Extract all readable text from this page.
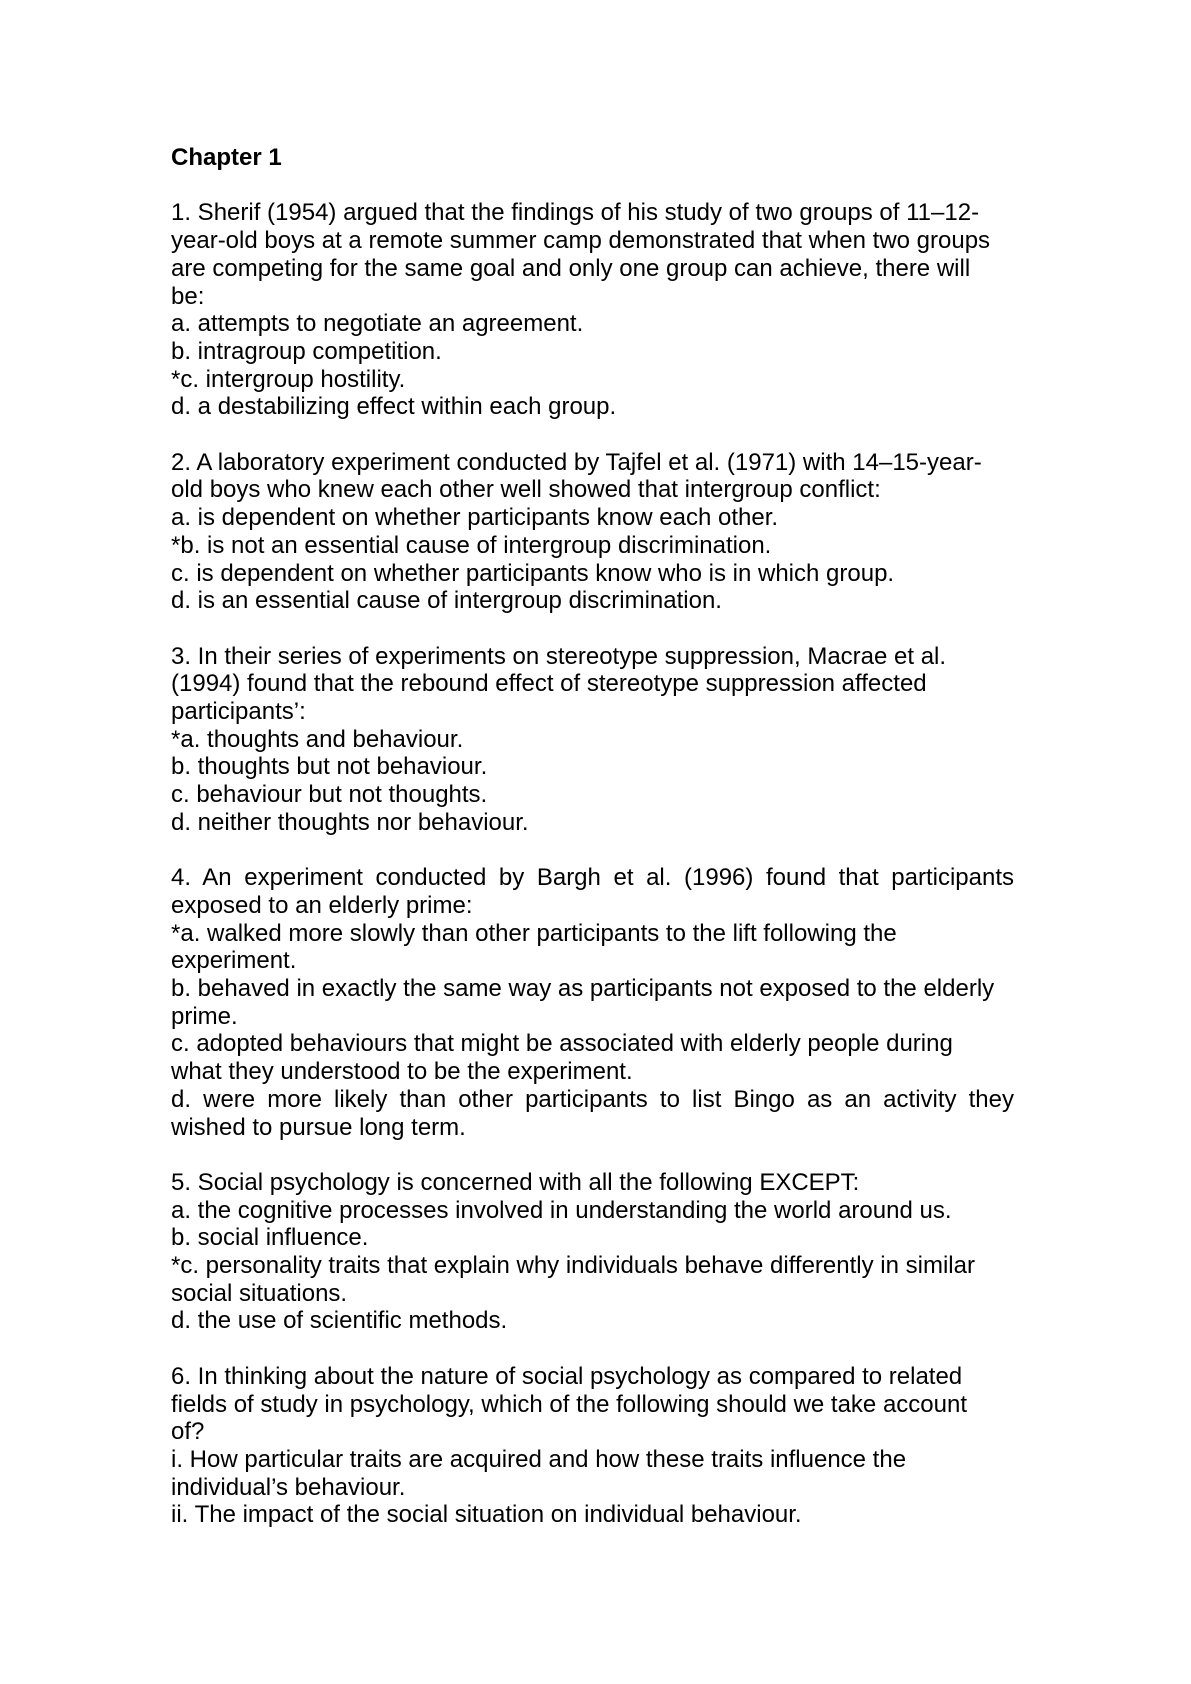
Chapter 1
1. Sherif (1954) argued that the findings of his study of two groups of 11–12-
year-old boys at a remote summer camp demonstrated that when two groups
are competing for the same goal and only one group can achieve, there will
be:
a. attempts to negotiate an agreement.
b. intragroup competition.
*c. intergroup hostility.
d. a destabilizing effect within each group.
2. A laboratory experiment conducted by Tajfel et al. (1971) with 14–15-year-
old boys who knew each other well showed that intergroup conflict:
a. is dependent on whether participants know each other.
*b. is not an essential cause of intergroup discrimination.
c. is dependent on whether participants know who is in which group.
d. is an essential cause of intergroup discrimination.
3. In their series of experiments on stereotype suppression, Macrae et al.
(1994) found that the rebound effect of stereotype suppression affected
participants’:
*a. thoughts and behaviour.
b. thoughts but not behaviour.
c. behaviour but not thoughts.
d. neither thoughts nor behaviour.
4. An experiment conducted by Bargh et al. (1996) found that participants
exposed to an elderly prime:
*a. walked more slowly than other participants to the lift following the
experiment.
b. behaved in exactly the same way as participants not exposed to the elderly
prime.
c. adopted behaviours that might be associated with elderly people during
what they understood to be the experiment.
d. were more likely than other participants to list Bingo as an activity they
wished to pursue long term.
5. Social psychology is concerned with all the following EXCEPT:
a. the cognitive processes involved in understanding the world around us.
b. social influence.
*c. personality traits that explain why individuals behave differently in similar
social situations.
d. the use of scientific methods.
6. In thinking about the nature of social psychology as compared to related
fields of study in psychology, which of the following should we take account
of?
i. How particular traits are acquired and how these traits influence the
individual’s behaviour.
ii. The impact of the social situation on individual behaviour.
